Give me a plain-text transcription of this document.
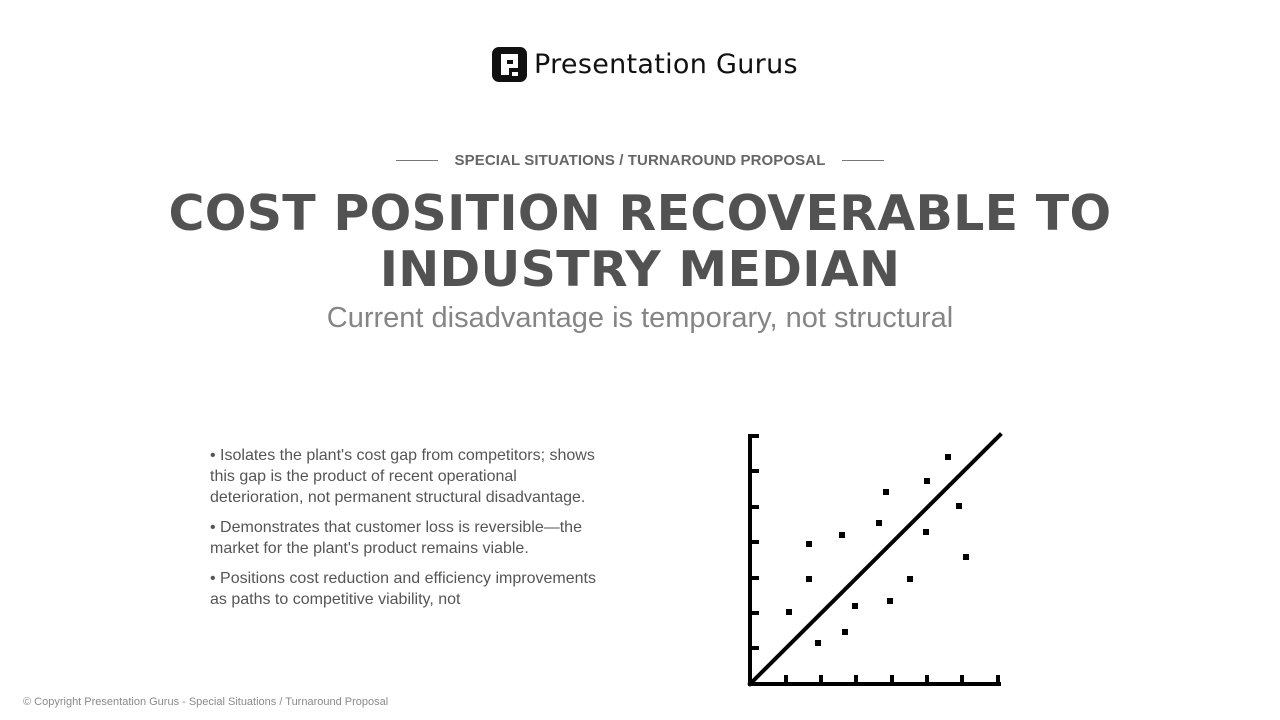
Presentation Gurus
SPECIAL SITUATIONS / TURNAROUND PROPOSAL
COST POSITION RECOVERABLE TO INDUSTRY MEDIAN
Current disadvantage is temporary, not structural

• Isolates the plant's cost gap from competitors; shows this gap is the product of recent operational deterioration, not permanent structural disadvantage.

• Demonstrates that customer loss is reversible—the market for the plant's product remains viable.

• Positions cost reduction and efficiency improvements as paths to competitive viability, not

© Copyright Presentation Gurus - Special Situations / Turnaround Proposal
